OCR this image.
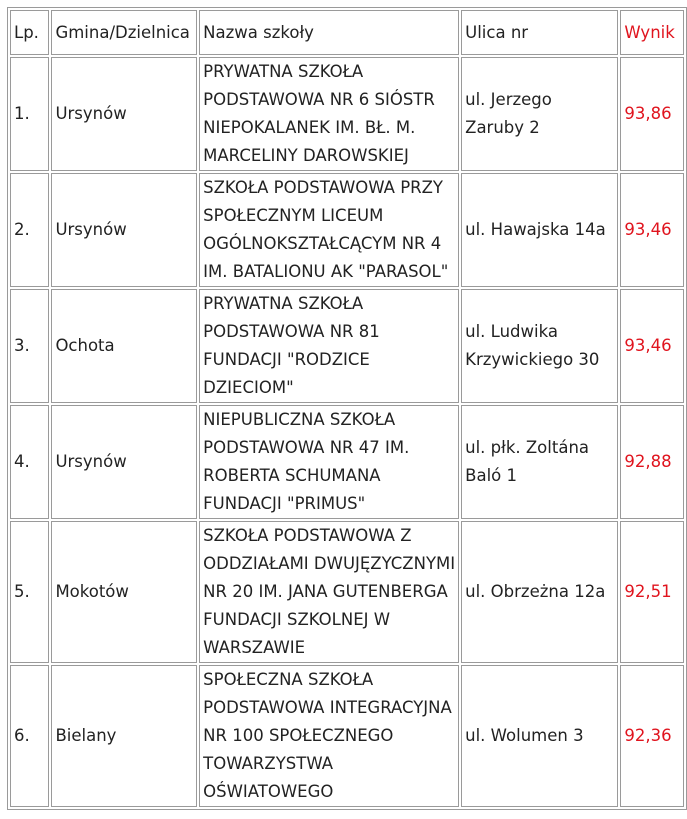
Lp.	Gmina/Dzielnica	Nazwa szkoły	Ulica nr	Wynik
1.	Ursynów	PRYWATNA SZKOŁA
PODSTAWOWA NR 6 SIÓSTR
NIEPOKALANEK IM. BŁ. M.
MARCELINY DAROWSKIEJ	ul. Jerzego
Zaruby 2	93,86
2.	Ursynów	SZKOŁA PODSTAWOWA PRZY
SPOŁECZNYM LICEUM
OGÓLNOKSZTAŁCĄCYM NR 4
IM. BATALIONU AK "PARASOL"	ul. Hawajska 14a	93,46
3.	Ochota	PRYWATNA SZKOŁA
PODSTAWOWA NR 81
FUNDACJI "RODZICE
DZIECIOM"	ul. Ludwika
Krzywickiego 30	93,46
4.	Ursynów	NIEPUBLICZNA SZKOŁA
PODSTAWOWA NR 47 IM.
ROBERTA SCHUMANA
FUNDACJI "PRIMUS"	ul. płk. Zoltána
Baló 1	92,88
5.	Mokotów	SZKOŁA PODSTAWOWA Z
ODDZIAŁAMI DWUJĘZYCZNYMI
NR 20 IM. JANA GUTENBERGA
FUNDACJI SZKOLNEJ W
WARSZAWIE	ul. Obrzeżna 12a	92,51
6.	Bielany	SPOŁECZNA SZKOŁA
PODSTAWOWA INTEGRACYJNA
NR 100 SPOŁECZNEGO
TOWARZYSTWA
OŚWIATOWEGO	ul. Wolumen 3	92,36
